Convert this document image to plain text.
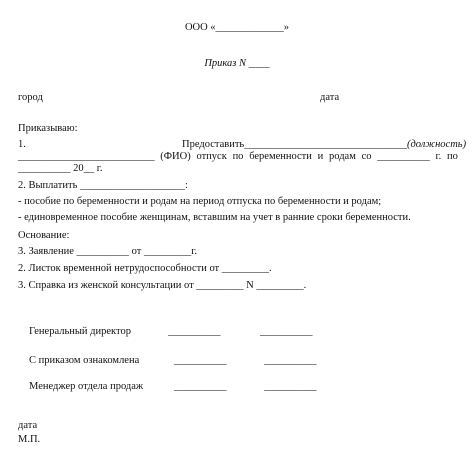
ООО «_____________»
Приказ N ____
город	дата
Приказываю:
1.	Предоставить_______________________________(должность)
__________________________ (ФИО) отпуск по беременности и родам со __________ г. по
__________ 20__ г.
2. Выплатить ____________________:
- пособие по беременности и родам на период отпуска по беременности и родам;
- единовременное пособие женщинам, вставшим на учет в ранние сроки беременности.
Основание:
3. Заявление __________ от _________г.
2. Листок временной нетрудоспособности от _________.
3. Справка из женской консультации от _________ N _________.
Генеральный директор	__________	__________
С приказом ознакомлена	__________	__________
Менеджер отдела продаж	__________	__________
дата
М.П.
